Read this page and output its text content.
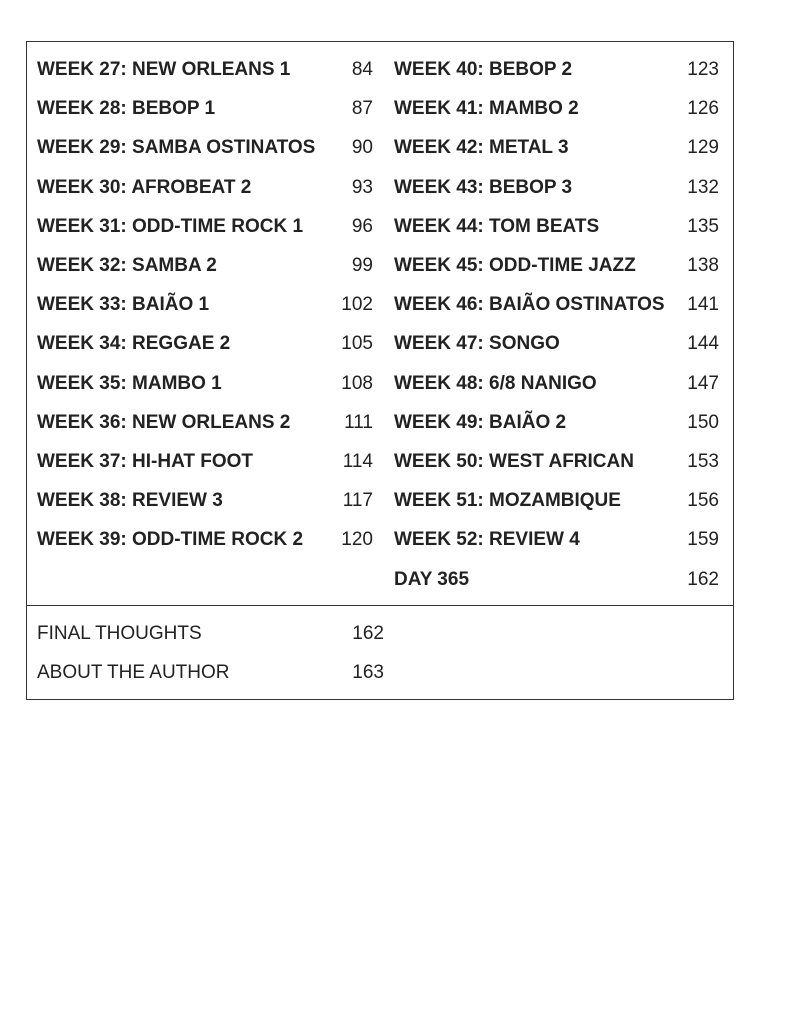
WEEK 27: NEW ORLEANS 1	84
WEEK 28: BEBOP 1	87
WEEK 29: SAMBA OSTINATOS 90
WEEK 30: AFROBEAT 2	93
WEEK 31: ODD-TIME ROCK 1	96
WEEK 32: SAMBA 2	99
WEEK 33: BAIÃO 1	102
WEEK 34: REGGAE 2	105
WEEK 35: MAMBO 1	108
WEEK 36: NEW ORLEANS 2	111
WEEK 37: HI-HAT FOOT	114
WEEK 38: REVIEW 3	117
WEEK 39: ODD-TIME ROCK 2 120
WEEK 40: BEBOP 2	123
WEEK 41: MAMBO 2	126
WEEK 42: METAL 3	129
WEEK 43: BEBOP 3	132
WEEK 44: TOM BEATS	135
WEEK 45: ODD-TIME JAZZ	138
WEEK 46: BAIÃO OSTINATOS 141
WEEK 47: SONGO	144
WEEK 48: 6/8 NANIGO	147
WEEK 49: BAIÃO 2	150
WEEK 50: WEST AFRICAN	153
WEEK 51: MOZAMBIQUE	156
WEEK 52: REVIEW 4	159
DAY 365	162
FINAL THOUGHTS	162
ABOUT THE AUTHOR	163
